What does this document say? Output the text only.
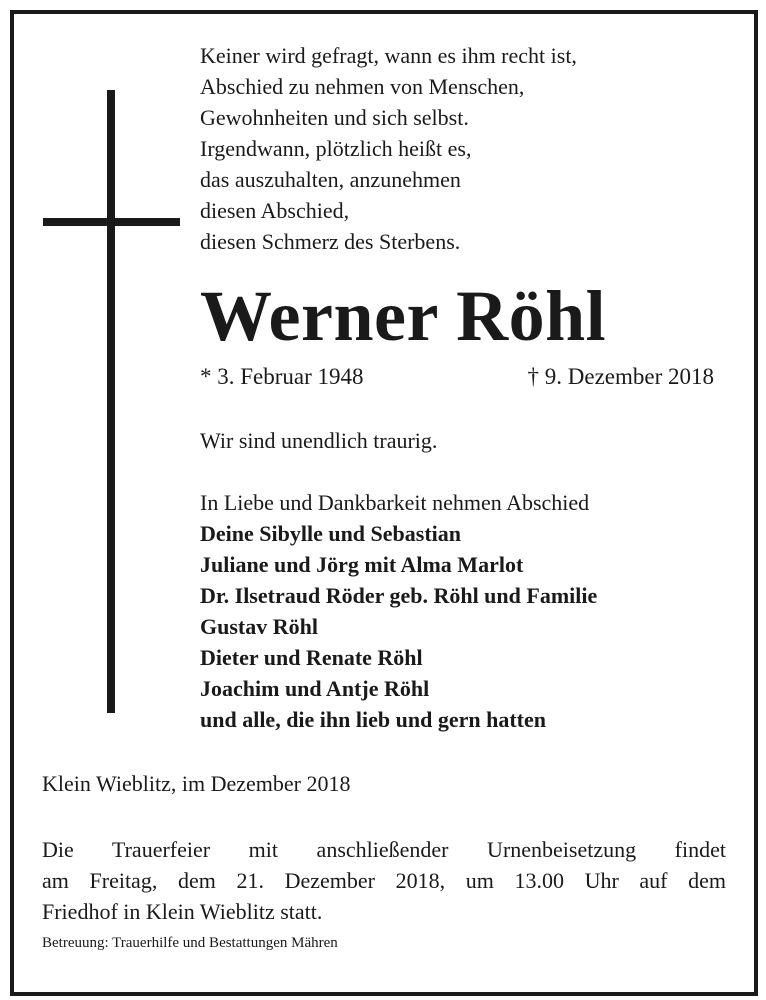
Keiner wird gefragt, wann es ihm recht ist,
Abschied zu nehmen von Menschen,
Gewohnheiten und sich selbst.
Irgendwann, plötzlich heißt es,
das auszuhalten, anzunehmen
diesen Abschied,
diesen Schmerz des Sterbens.
Werner Röhl
* 3. Februar 1948	† 9. Dezember 2018
Wir sind unendlich traurig.
In Liebe und Dankbarkeit nehmen Abschied
Deine Sibylle und Sebastian
Juliane und Jörg mit Alma Marlot
Dr. Ilsetraud Röder geb. Röhl und Familie
Gustav Röhl
Dieter und Renate Röhl
Joachim und Antje Röhl
und alle, die ihn lieb und gern hatten
Klein Wieblitz, im Dezember 2018
Die Trauerfeier mit anschließender Urnenbeisetzung findet
am Freitag, dem 21. Dezember 2018, um 13.00 Uhr auf dem
Friedhof in Klein Wieblitz statt.
Betreuung: Trauerhilfe und Bestattungen Mähren
